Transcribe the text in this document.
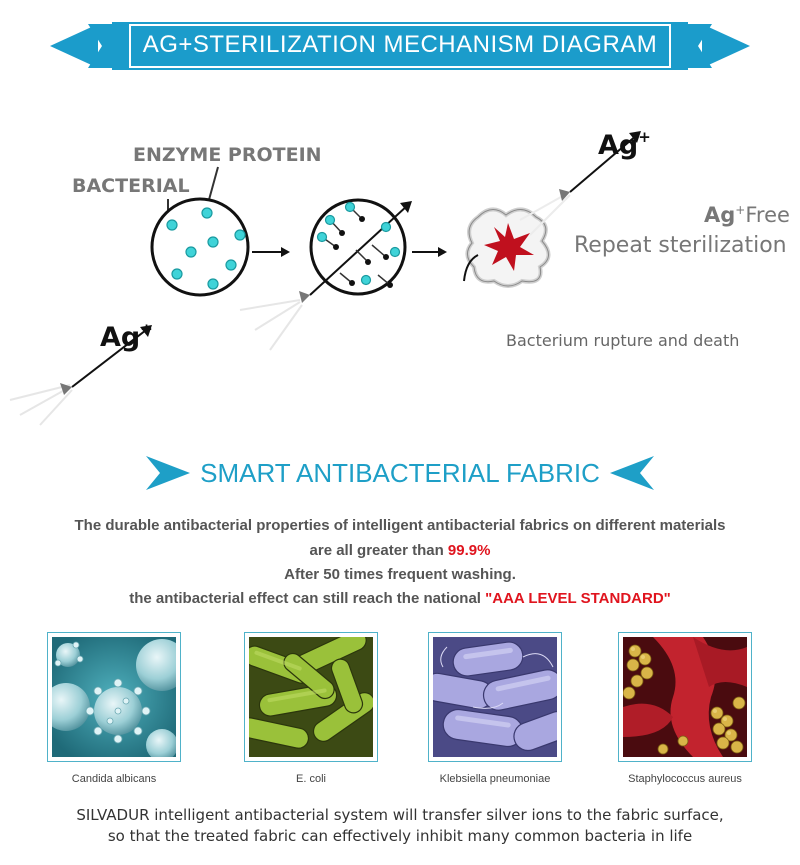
AG+STERILIZATION MECHANISM DIAGRAM
ENZYME PROTEIN
BACTERIAL
Ag+
Ag+
Ag+Free
Repeat sterilization
Bacterium rupture and death
SMART ANTIBACTERIAL FABRIC
The durable antibacterial properties of intelligent antibacterial fabrics on different materials
are all greater than 99.9%
After 50 times frequent washing.
the antibacterial effect can still reach the national "AAA LEVEL STANDARD"
Candida albicans	E. coli	Klebsiella pneumoniae	Staphylococcus aureus
SILVADUR intelligent antibacterial system will transfer silver ions to the fabric surface,
so that the treated fabric can effectively inhibit many common bacteria in life
